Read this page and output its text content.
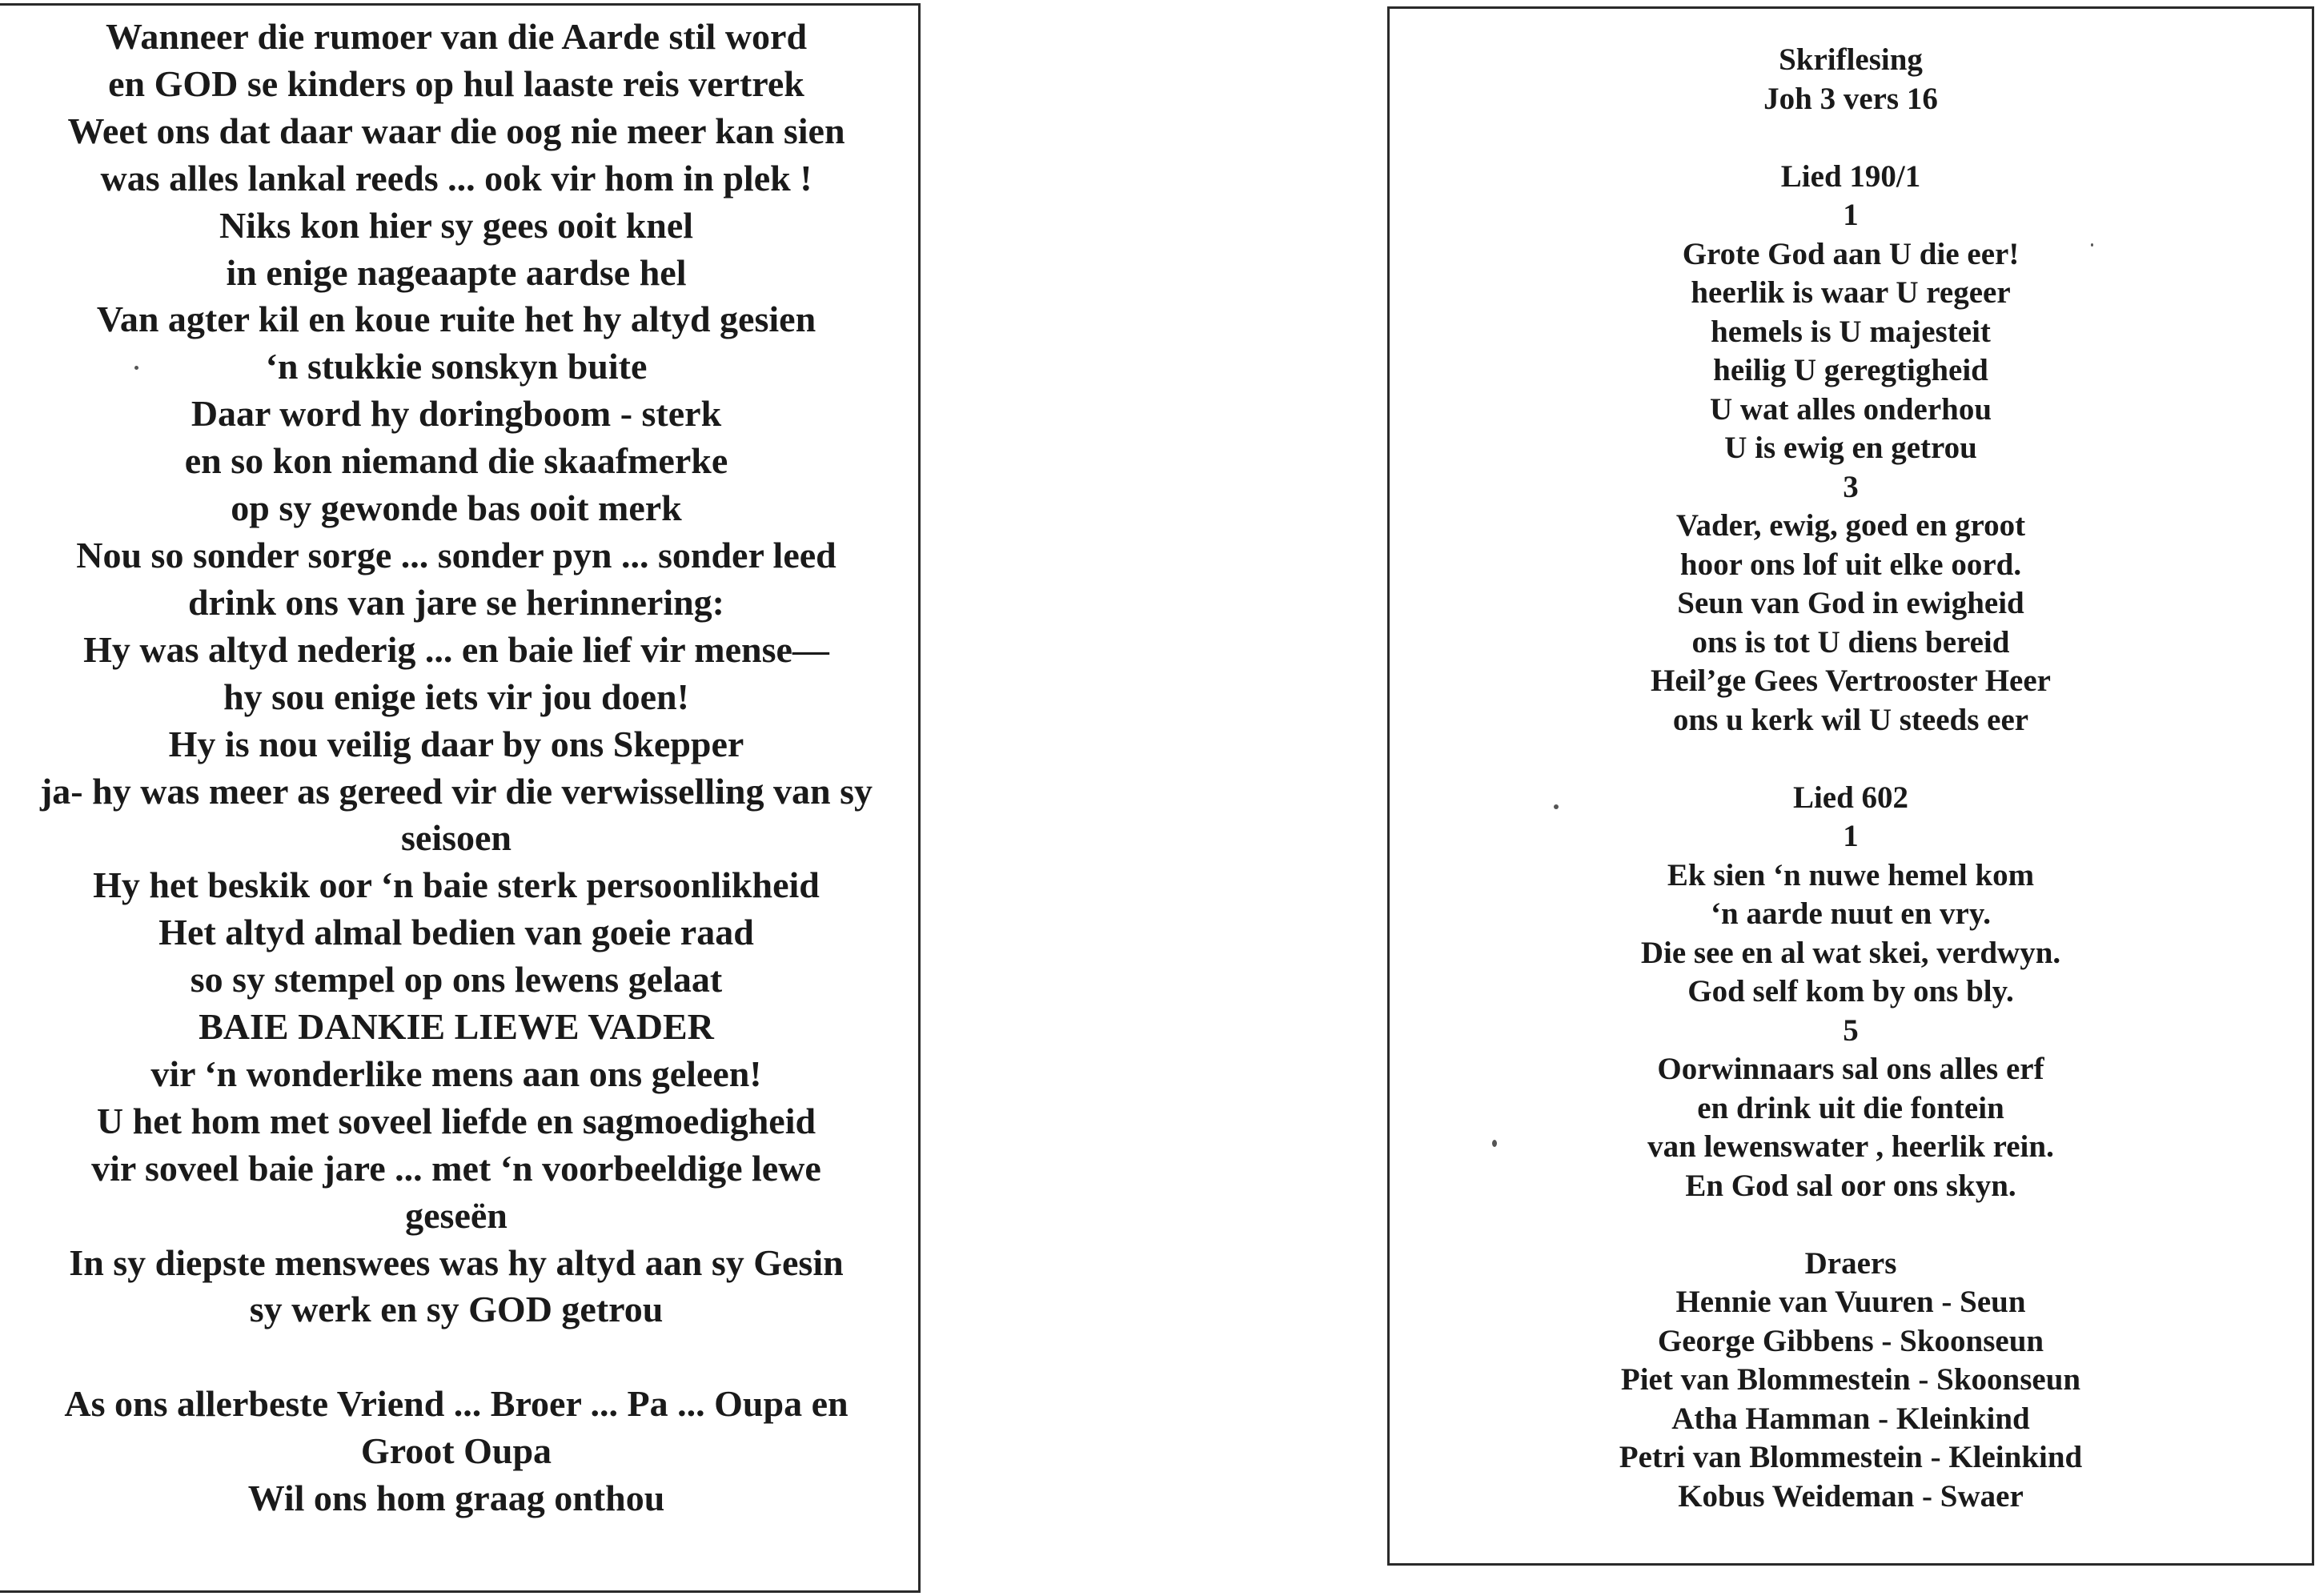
Wanneer die rumoer van die Aarde stil word
en GOD se kinders op hul laaste reis vertrek
Weet ons dat daar waar die oog nie meer kan sien
was alles lankal reeds ... ook vir hom in plek !
Niks kon hier sy gees ooit knel
in enige nageaapte aardse hel
Van agter kil en koue ruite het hy altyd gesien
‘n stukkie sonskyn buite
Daar word hy doringboom - sterk
en so kon niemand die skaafmerke
op sy gewonde bas ooit merk
Nou so sonder sorge ... sonder pyn ... sonder leed
drink ons van jare se herinnering:
Hy was altyd nederig ... en baie lief vir mense—
hy sou enige iets vir jou doen!
Hy is nou veilig daar by ons Skepper
ja- hy was meer as gereed vir die verwisselling van sy
seisoen
Hy het beskik oor ‘n baie sterk persoonlikheid
Het altyd almal bedien van goeie raad
so sy stempel op ons lewens gelaat
BAIE DANKIE LIEWE VADER
vir ‘n wonderlike mens aan ons geleen!
U het hom met soveel liefde en sagmoedigheid
vir soveel baie jare ... met ‘n voorbeeldige lewe
geseën
In sy diepste menswees was hy altyd aan sy Gesin
sy werk en sy GOD getrou
As ons allerbeste Vriend ... Broer ... Pa ... Oupa en
Groot Oupa
Wil ons hom graag onthou
Skriflesing
Joh 3 vers 16
Lied 190/1
1
Grote God aan U die eer!
heerlik is waar U regeer
hemels is U majesteit
heilig U geregtigheid
U wat alles onderhou
U is ewig en getrou
3
Vader, ewig, goed en groot
hoor ons lof uit elke oord.
Seun van God in ewigheid
ons is tot U diens bereid
Heil’ge Gees Vertrooster Heer
ons u kerk wil U steeds eer
Lied 602
1
Ek sien ‘n nuwe hemel kom
‘n aarde nuut en vry.
Die see en al wat skei, verdwyn.
God self kom by ons bly.
5
Oorwinnaars sal ons alles erf
en drink uit die fontein
van lewenswater , heerlik rein.
En God sal oor ons skyn.
Draers
Hennie van Vuuren - Seun
George Gibbens - Skoonseun
Piet van Blommestein - Skoonseun
Atha Hamman - Kleinkind
Petri van Blommestein - Kleinkind
Kobus Weideman - Swaer
